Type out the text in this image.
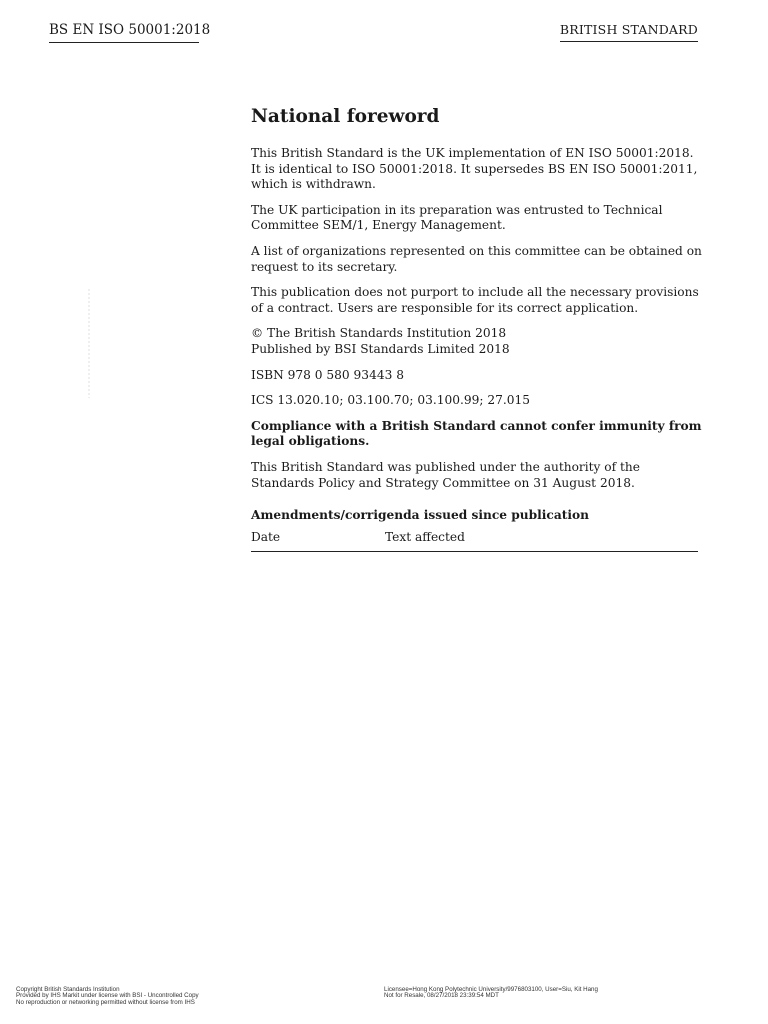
BS EN ISO 50001:2018	BRITISH STANDARD
National foreword
This British Standard is the UK implementation of EN ISO 50001:2018.
It is identical to ISO 50001:2018. It supersedes BS EN ISO 50001:2011,
which is withdrawn.
The UK participation in its preparation was entrusted to Technical
Committee SEM/1, Energy Management.
A list of organizations represented on this committee can be obtained on
request to its secretary.
This publication does not purport to include all the necessary provisions
of a contract. Users are responsible for its correct application.
© The British Standards Institution 2018
Published by BSI Standards Limited 2018
ISBN 978 0 580 93443 8
ICS 13.020.10; 03.100.70; 03.100.99; 27.015
Compliance with a British Standard cannot confer immunity from
legal obligations.
This British Standard was published under the authority of the
Standards Policy and Strategy Committee on 31 August 2018.
Amendments/corrigenda issued since publication
Date	Text affected
Copyright British Standards Institution
Provided by IHS Markit under license with BSI - Uncontrolled Copy
No reproduction or networking permitted without license from IHS
Licensee=Hong Kong Polytechnic University/9976803100, User=Siu, Kit Hang
Not for Resale, 08/27/2018 23:39:54 MDT
